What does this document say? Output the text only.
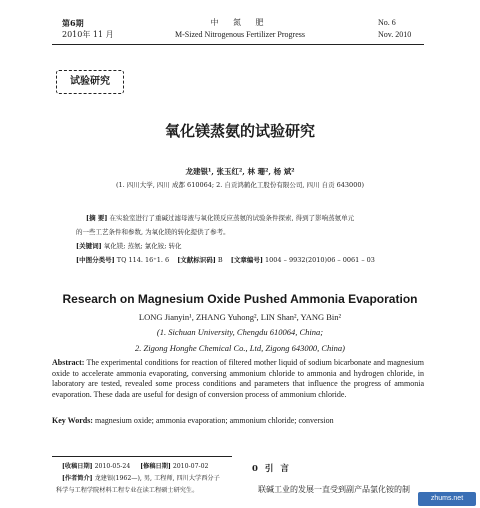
第6期
2010年 11 月
中 氮 肥
M-Sized Nitrogenous Fertilizer Progress
No. 6
Nov. 2010
试验研究
氧化镁蒸氨的试验研究
龙建银¹, 张玉红², 林 珊², 杨 斌²
(1. 四川大学, 四川 成都 610064; 2. 自贡鸿鹤化工股份有限公司, 四川 自贡 643000)
[摘 要] 在实验室进行了重碱过滤母液与氧化镁反应蒸氨的试验条件探索, 得到了影响蒸氨单元
的一些工艺条件和参数, 为氧化镁的转化提供了参考。
[关键词] 氧化镁; 蒸氨; 氯化铵; 转化
[中图分类号] TQ 114. 16⁺1. 6 [文献标识码] B [文章编号] 1004 – 9932(2010)06 – 0061 – 03
Research on Magnesium Oxide Pushed Ammonia Evaporation
LONG Jianyin¹, ZHANG Yuhong², LIN Shan², YANG Bin²
(1. Sichuan University, Chengdu 610064, China;
2. Zigong Honghe Chemical Co., Ltd, Zigong 643000, China)
Abstract: The experimental conditions for reaction of filtered mother liquid of sodium bicarbonate and magnesium oxide to accelerate ammonia evaporating, conversing ammonium chloride to ammonia and hydrogen chloride, in laboratory are tested, revealed some process conditions and parameters that influence the progress of ammonia evaporation. These dada are useful for design of conversion process of ammonium chloride.
Key Words: magnesium oxide; ammonia evaporation; ammonium chloride; conversion
[收稿日期] 2010-05-24 [修稿日期] 2010-07-02
[作者简介] 龙建银(1962—), 男, 工程师, 四川大学西分子
科学与工程学院材料工程专业在读工程硕士研究生。
0 引 言
联碱工业的发展一直受到副产品氯化铵的制
zhums.net
